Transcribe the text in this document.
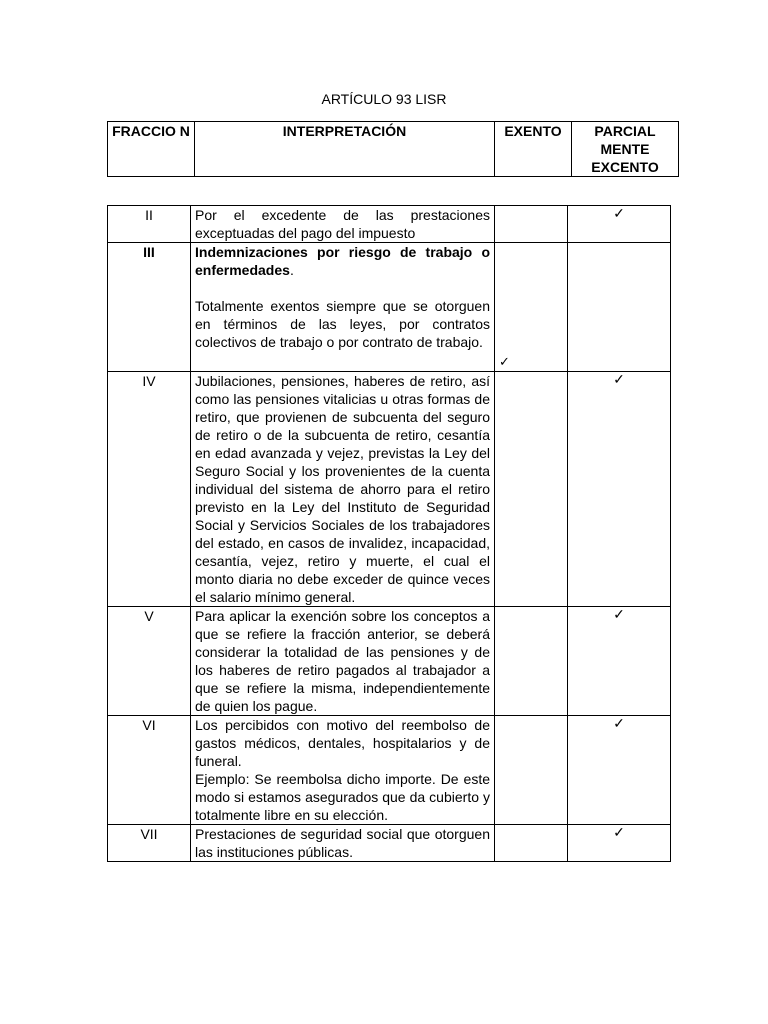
ARTÍCULO 93 LISR
FRACCIO N	INTERPRETACIÓN	EXENTO	PARCIAL MENTE EXCENTO
II	Por el excedente de las prestaciones exceptuadas del pago del impuesto		✓

III	Indemnizaciones por riesgo de trabajo o enfermedades.
Totalmente exentos siempre que se otorguen en términos de las leyes, por contratos colectivos de trabajo o por contrato de trabajo.	✓	

IV	Jubilaciones, pensiones, haberes de retiro, así como las pensiones vitalicias u otras formas de retiro, que provienen de subcuenta del seguro de retiro o de la subcuenta de retiro, cesantía en edad avanzada y vejez, previstas la Ley del Seguro Social y los provenientes de la cuenta individual del sistema de ahorro para el retiro previsto en la Ley del Instituto de Seguridad Social y Servicios Sociales de los trabajadores del estado, en casos de invalidez, incapacidad, cesantía, vejez, retiro y muerte, el cual el monto diaria no debe exceder de quince veces el salario mínimo general.		✓

V	Para aplicar la exención sobre los conceptos a que se refiere la fracción anterior, se deberá considerar la totalidad de las pensiones y de los haberes de retiro pagados al trabajador a que se refiere la misma, independientemente de quien los pague.		✓

VI	Los percibidos con motivo del reembolso de gastos médicos, dentales, hospitalarios y de funeral.
Ejemplo: Se reembolsa dicho importe. De este modo si estamos asegurados que da cubierto y totalmente libre en su elección.		✓

VII	Prestaciones de seguridad social que otorguen las instituciones públicas.		✓
